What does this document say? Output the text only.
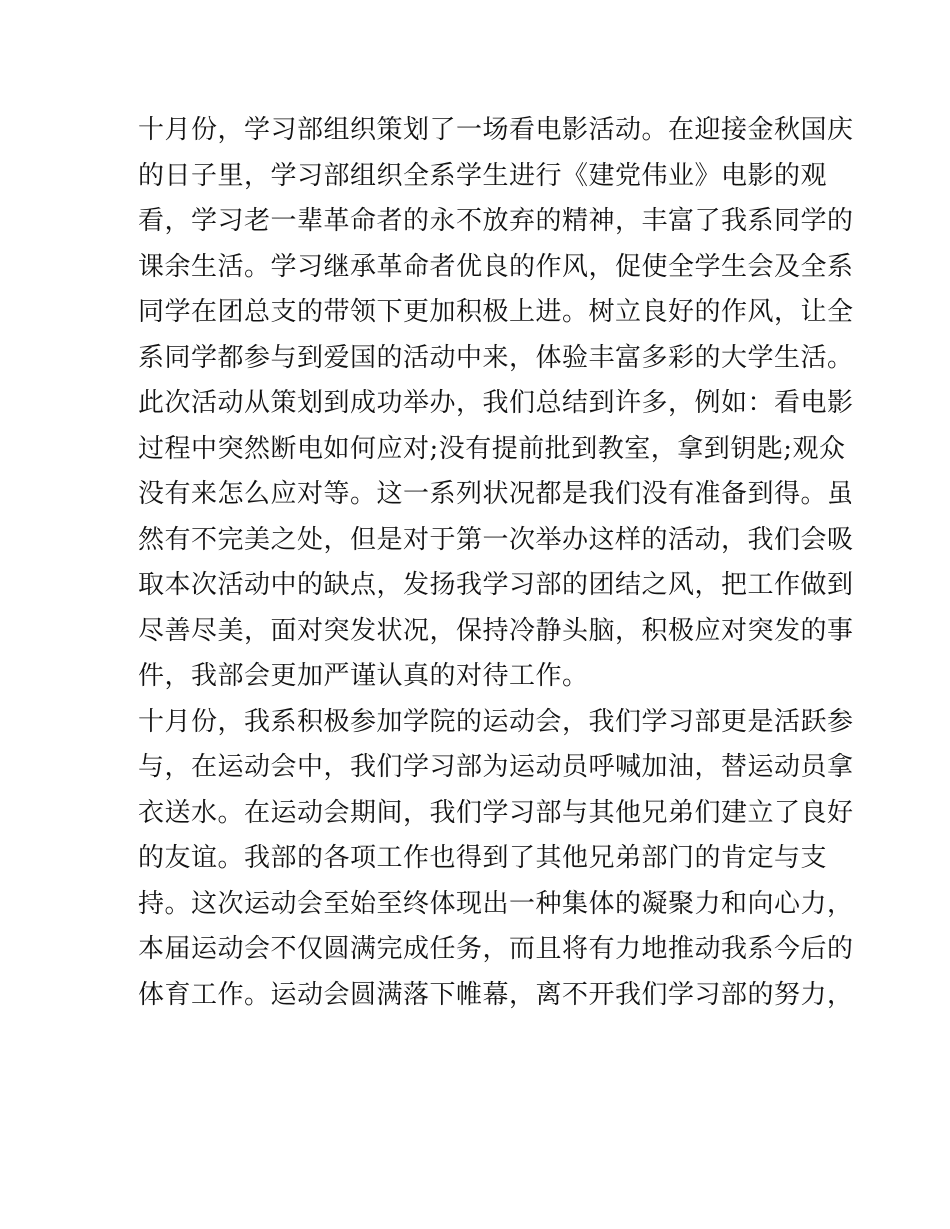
十月份，学习部组织策划了一场看电影活动。在迎接金秋国庆
的日子里，学习部组织全系学生进行《建党伟业》电影的观
看，学习老一辈革命者的永不放弃的精神，丰富了我系同学的
课余生活。学习继承革命者优良的作风，促使全学生会及全系
同学在团总支的带领下更加积极上进。树立良好的作风，让全
系同学都参与到爱国的活动中来，体验丰富多彩的大学生活。
此次活动从策划到成功举办，我们总结到许多，例如：看电影
过程中突然断电如何应对;没有提前批到教室，拿到钥匙;观众
没有来怎么应对等。这一系列状况都是我们没有准备到得。虽
然有不完美之处，但是对于第一次举办这样的活动，我们会吸
取本次活动中的缺点，发扬我学习部的团结之风，把工作做到
尽善尽美，面对突发状况，保持冷静头脑，积极应对突发的事
件，我部会更加严谨认真的对待工作。
十月份，我系积极参加学院的运动会，我们学习部更是活跃参
与，在运动会中，我们学习部为运动员呼喊加油，替运动员拿
衣送水。在运动会期间，我们学习部与其他兄弟们建立了良好
的友谊。我部的各项工作也得到了其他兄弟部门的肯定与支
持。这次运动会至始至终体现出一种集体的凝聚力和向心力，
本届运动会不仅圆满完成任务，而且将有力地推动我系今后的
体育工作。运动会圆满落下帷幕，离不开我们学习部的努力，
